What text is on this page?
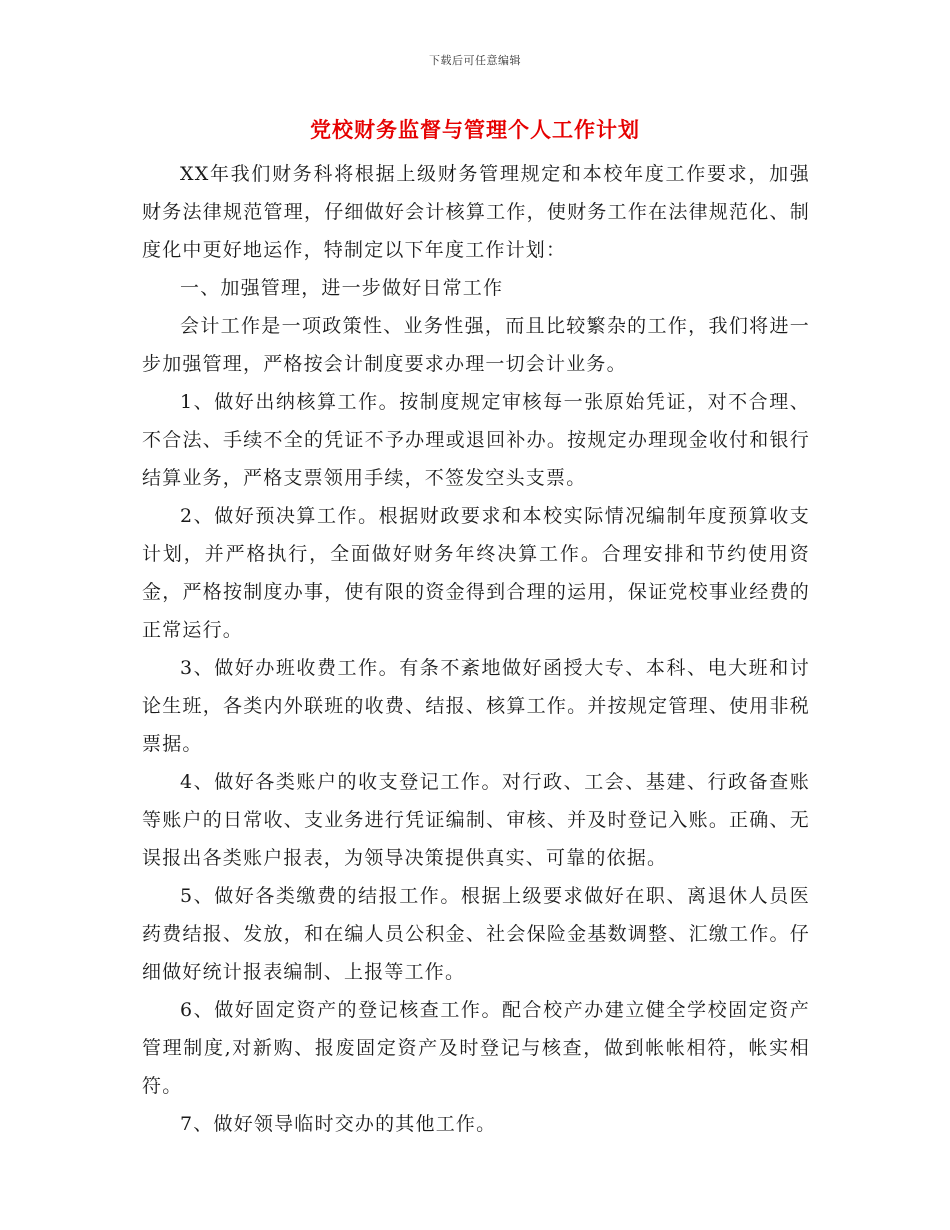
下载后可任意编辑
党校财务监督与管理个人工作计划

XX年我们财务科将根据上级财务管理规定和本校年度工作要求，加强财务法律规范管理，仔细做好会计核算工作，使财务工作在法律规范化、制度化中更好地运作，特制定以下年度工作计划：

一、加强管理，进一步做好日常工作

会计工作是一项政策性、业务性强，而且比较繁杂的工作，我们将进一步加强管理，严格按会计制度要求办理一切会计业务。

1、做好出纳核算工作。按制度规定审核每一张原始凭证，对不合理、不合法、手续不全的凭证不予办理或退回补办。按规定办理现金收付和银行结算业务，严格支票领用手续，不签发空头支票。

2、做好预决算工作。根据财政要求和本校实际情况编制年度预算收支计划，并严格执行，全面做好财务年终决算工作。合理安排和节约使用资金，严格按制度办事，使有限的资金得到合理的运用，保证党校事业经费的正常运行。

3、做好办班收费工作。有条不紊地做好函授大专、本科、电大班和讨论生班，各类内外联班的收费、结报、核算工作。并按规定管理、使用非税票据。

4、做好各类账户的收支登记工作。对行政、工会、基建、行政备查账等账户的日常收、支业务进行凭证编制、审核、并及时登记入账。正确、无误报出各类账户报表，为领导决策提供真实、可靠的依据。

5、做好各类缴费的结报工作。根据上级要求做好在职、离退休人员医药费结报、发放，和在编人员公积金、社会保险金基数调整、汇缴工作。仔细做好统计报表编制、上报等工作。

6、做好固定资产的登记核查工作。配合校产办建立健全学校固定资产管理制度,对新购、报废固定资产及时登记与核查，做到帐帐相符，帐实相符。

7、做好领导临时交办的其他工作。
